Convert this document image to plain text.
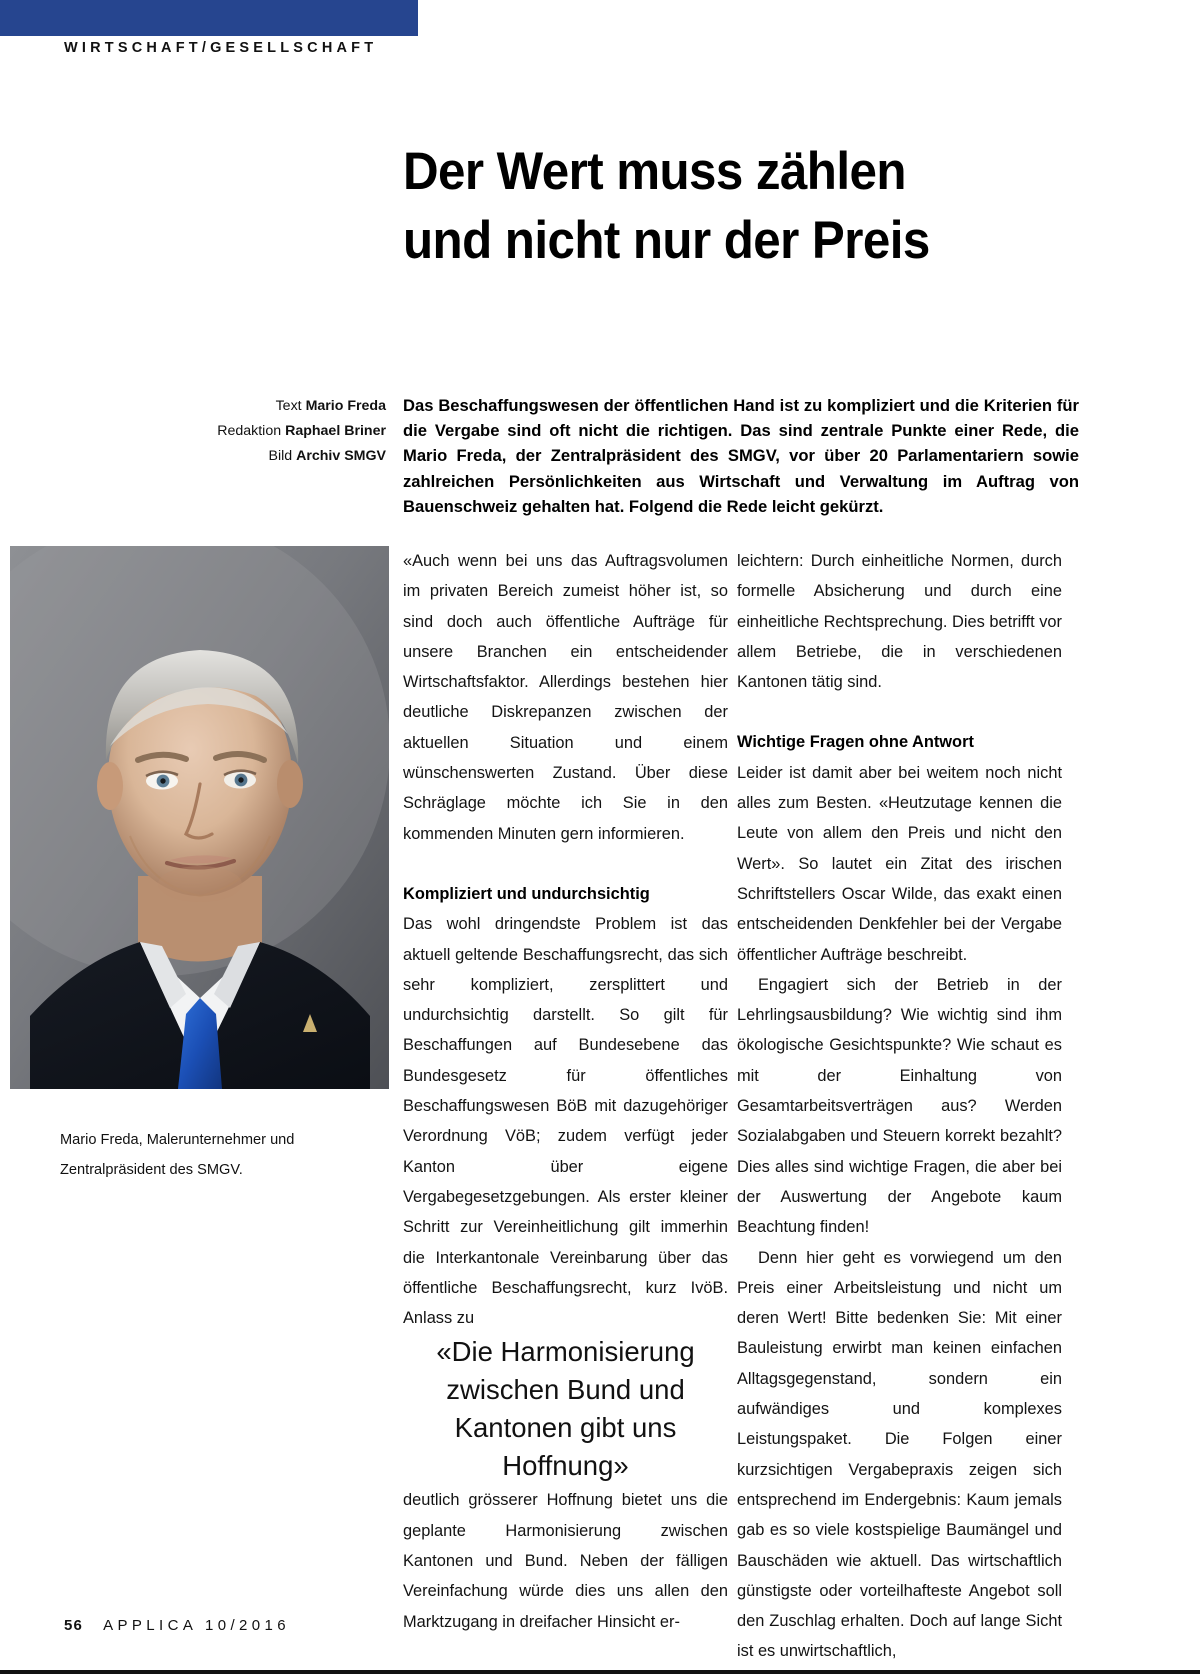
WIRTSCHAFT/GESELLSCHAFT
Der Wert muss zählen
und nicht nur der Preis
Text Mario Freda
Redaktion Raphael Briner
Bild Archiv SMGV
Das Beschaffungswesen der öffentlichen Hand ist zu kompliziert und die Kriterien für die Vergabe sind oft nicht die richtigen. Das sind zentrale Punkte einer Rede, die Mario Freda, der Zentralpräsident des SMGV, vor über 20 Parlamentariern sowie zahlreichen Persönlichkeiten aus Wirtschaft und Verwaltung im Auftrag von Bauenschweiz gehalten hat. Folgend die Rede leicht gekürzt.
Mario Freda, Malerunternehmer und Zentralpräsident des SMGV.

«Auch wenn bei uns das Auftragsvolumen im privaten Bereich zumeist höher ist, so sind doch auch öffentliche Aufträge für unsere Branchen ein entscheidender Wirtschaftsfaktor. Allerdings bestehen hier deutliche Diskrepanzen zwischen der aktuellen Situation und einem wünschenswerten Zustand. Über diese Schräglage möchte ich Sie in den kommenden Minuten gern informieren.

Kompliziert und undurchsichtig

Das wohl dringendste Problem ist das aktuell geltende Beschaffungsrecht, das sich sehr kompliziert, zersplittert und undurchsichtig darstellt. So gilt für Beschaffungen auf Bundesebene das Bundesgesetz für öffentliches Beschaffungswesen BöB mit dazugehöriger Verordnung VöB; zudem verfügt jeder Kanton über eigene Vergabegesetzgebungen. Als erster kleiner Schritt zur Vereinheitlichung gilt immerhin die Interkantonale Vereinbarung über das öffentliche Beschaffungsrecht, kurz IvöB. Anlass zu

«Die Harmonisierung zwischen Bund und Kantonen gibt uns Hoffnung»

deutlich grösserer Hoffnung bietet uns die geplante Harmonisierung zwischen Kantonen und Bund. Neben der fälligen Vereinfachung würde dies uns allen den Marktzugang in dreifacher Hinsicht er-

leichtern: Durch einheitliche Normen, durch formelle Absicherung und durch eine einheitliche Rechtsprechung. Dies betrifft vor allem Betriebe, die in verschiedenen Kantonen tätig sind.

Wichtige Fragen ohne Antwort

Leider ist damit aber bei weitem noch nicht alles zum Besten. «Heutzutage kennen die Leute von allem den Preis und nicht den Wert». So lautet ein Zitat des irischen Schriftstellers Oscar Wilde, das exakt einen entscheidenden Denkfehler bei der Vergabe öffentlicher Aufträge beschreibt.

Engagiert sich der Betrieb in der Lehrlingsausbildung? Wie wichtig sind ihm ökologische Gesichtspunkte? Wie schaut es mit der Einhaltung von Gesamtarbeitsverträgen aus? Werden Sozialabgaben und Steuern korrekt bezahlt? Dies alles sind wichtige Fragen, die aber bei der Auswertung der Angebote kaum Beachtung finden!

Denn hier geht es vorwiegend um den Preis einer Arbeitsleistung und nicht um deren Wert! Bitte bedenken Sie: Mit einer Bauleistung erwirbt man keinen einfachen Alltagsgegenstand, sondern ein aufwändiges und komplexes Leistungspaket. Die Folgen einer kurzsichtigen Vergabepraxis zeigen sich entsprechend im Endergebnis: Kaum jemals gab es so viele kostspielige Baumängel und Bauschäden wie aktuell. Das wirtschaftlich günstigste oder vorteilhafteste Angebot soll den Zuschlag erhalten. Doch auf lange Sicht ist es unwirtschaftlich,

56 APPLICA 10/2016
